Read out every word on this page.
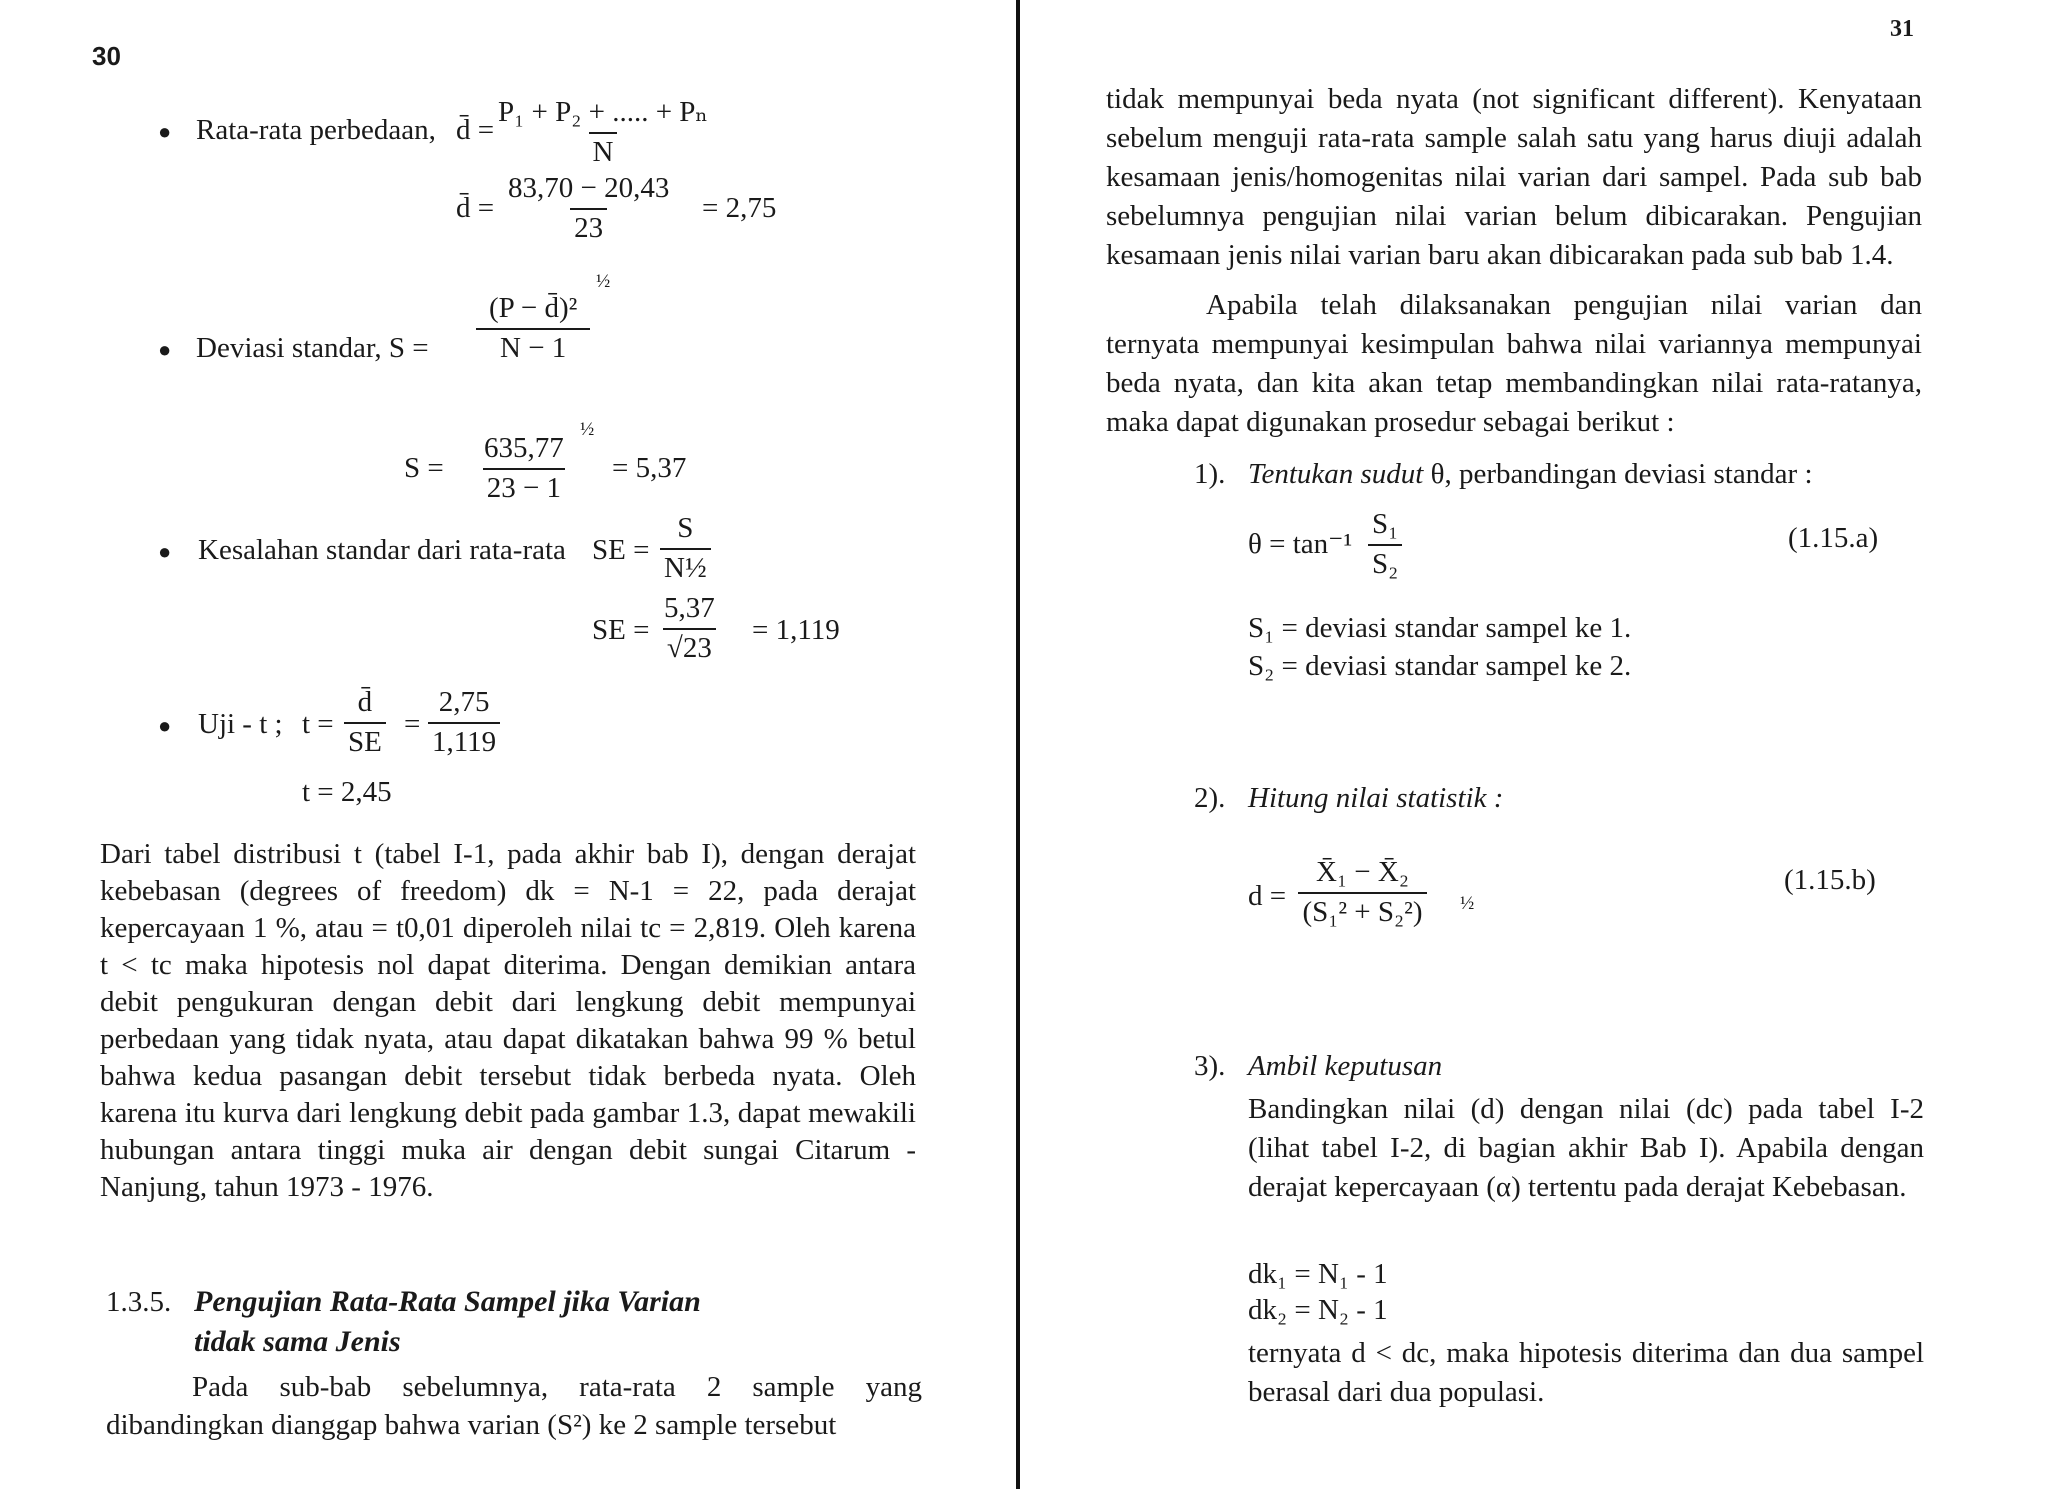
30
● Rata-rata perbedaan, d̄ = $\frac{\text{P₁ + P₂ + ..... + Pₙ}}{N}$
d̄ = $\frac{83,70 - 20,43}{23} = 2,75$
● Deviasi standar, $S = \frac{\text{(P − d̄)²}}{N - 1}$
½
$S = \frac{635,77}{23 - 1}$
½
= 5,37
● Kesalahan standar dari rata-rata SE = $\frac{S}{\text{N½}}$
SE = $\frac{5,37}{√23} = 1,119$
● Uji - t ; $t = \frac{d̄}{SE} = \frac{2,75}{1,119}$
t = 2,45
Dari tabel distribusi t (tabel I-1, pada akhir bab I), dengan derajat kebebasan (degrees of freedom) dk = N-1 = 22, pada derajat kepercayaan 1 %, atau = t0,01 diperoleh nilai tc = 2,819. Oleh karena t < tc maka hipotesis nol dapat diterima. Dengan demikian antara debit pengukuran dengan debit dari lengkung debit mempunyai perbedaan yang tidak nyata, atau dapat dikatakan bahwa 99 % betul bahwa kedua pasangan debit tersebut tidak berbeda nyata. Oleh karena itu kurva dari lengkung debit pada gambar 1.3, dapat mewakili hubungan antara tinggi muka air dengan debit sungai Citarum - Nanjung, tahun 1973 - 1976.
1.3.5. Pengujian Rata-Rata Sampel jika Varian
tidak sama Jenis
Pada sub-bab sebelumnya, rata-rata 2 sample yang dibandingkan dianggap bahwa varian (S²) ke 2 sample tersebut
31
tidak mempunyai beda nyata (not significant different). Kenyataan sebelum menguji rata-rata sample salah satu yang harus diuji adalah kesamaan jenis/homogenitas nilai varian dari sampel. Pada sub bab sebelumnya pengujian nilai varian belum dibicarakan. Pengujian kesamaan jenis nilai varian baru akan dibicarakan pada sub bab 1.4.
Apabila telah dilaksanakan pengujian nilai varian dan ternyata mempunyai kesimpulan bahwa nilai variannya mempunyai beda nyata, dan kita akan tetap membandingkan nilai rata-ratanya, maka dapat digunakan prosedur sebagai berikut :
1). Tentukan sudut θ, perbandingan deviasi standar :
$\theta = \tan^{-1} \frac{\text{S₁}}{\text{S₂}}$	(1.15.a)
S₁ = deviasi standar sampel ke 1.
S₂ = deviasi standar sampel ke 2.
2). Hitung nilai statistik :
$d = \frac{\text{X̄₁ − X̄₂}}{\text{(S₁² + S₂²)}}$ ½
(1.15.b)
3). Ambil keputusan
Bandingkan nilai (d) dengan nilai (dc) pada tabel I-2 (lihat tabel I-2, di bagian akhir Bab I). Apabila dengan derajat kepercayaan (α) tertentu pada derajat Kebebasan.
dk₁ = N₁ - 1
dk₂ = N₂ - 1
ternyata d < dc, maka hipotesis diterima dan dua sampel berasal dari dua populasi.
